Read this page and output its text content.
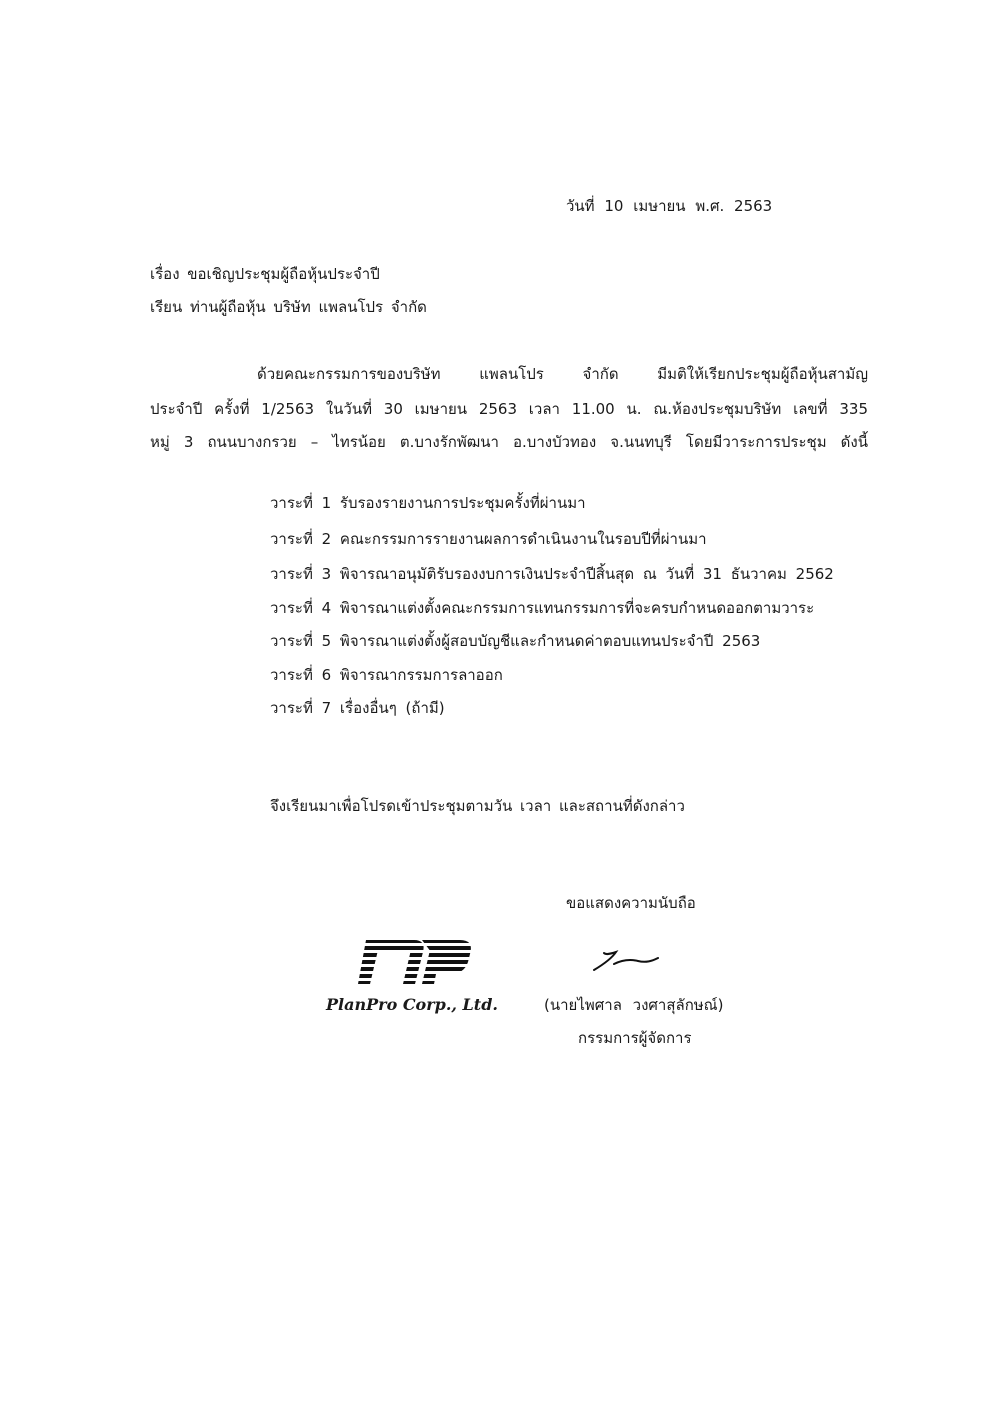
วันที่ 10 เมษายน พ.ศ. 2563
เรื่อง ขอเชิญประชุมผู้ถือหุ้นประจำปี
เรียน ท่านผู้ถือหุ้น บริษัท แพลนโปร จำกัด
ด้วยคณะกรรมการของบริษัท แพลนโปร จำกัด มีมติให้เรียกประชุมผู้ถือหุ้นสามัญ
ประจำปี ครั้งที่ 1/2563 ในวันที่ 30 เมษายน 2563 เวลา 11.00 น. ณ.ห้องประชุมบริษัท เลขที่ 335
หมู่ 3 ถนนบางกรวย – ไทรน้อย ต.บางรักพัฒนา อ.บางบัวทอง จ.นนทบุรี โดยมีวาระการประชุม ดังนี้
วาระที่ 1 รับรองรายงานการประชุมครั้งที่ผ่านมา
วาระที่ 2 คณะกรรมการรายงานผลการดำเนินงานในรอบปีที่ผ่านมา
วาระที่ 3 พิจารณาอนุมัติรับรองงบการเงินประจำปีสิ้นสุด ณ วันที่ 31 ธันวาคม 2562
วาระที่ 4 พิจารณาแต่งตั้งคณะกรรมการแทนกรรมการที่จะครบกำหนดออกตามวาระ
วาระที่ 5 พิจารณาแต่งตั้งผู้สอบบัญชีและกำหนดค่าตอบแทนประจำปี 2563
วาระที่ 6 พิจารณากรรมการลาออก
วาระที่ 7 เรื่องอื่นๆ (ถ้ามี)
จึงเรียนมาเพื่อโปรดเข้าประชุมตามวัน เวลา และสถานที่ดังกล่าว
ขอแสดงความนับถือ
PlanPro Corp., Ltd.	(นายไพศาล วงศาสุลักษณ์)
กรรมการผู้จัดการ
